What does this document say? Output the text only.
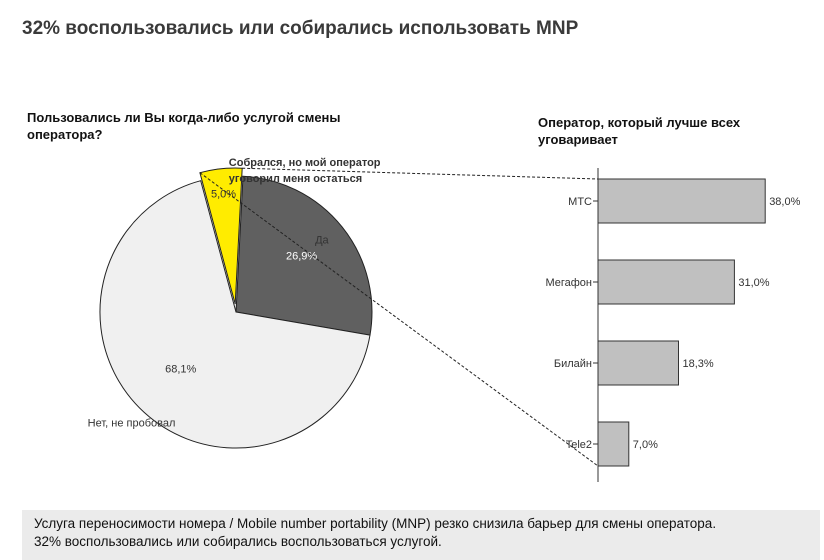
32% воспользовались или собирались использовать MNP
Пользовались ли Вы когда-либо услугой смены оператора?
Оператор, который лучше всех уговаривает
Да
26,9%
68,1%
Нет, не пробовал
5,0%
Собрался, но мой оператор
уговорил меня остаться
МТС	38,0%
Мегафон	31,0%
Билайн	18,3%
Tele2	7,0%

Услуга переносимости номера / Mobile number portability (MNP) резко снизила барьер для смены оператора.

32% воспользовались или собирались воспользоваться услугой.
